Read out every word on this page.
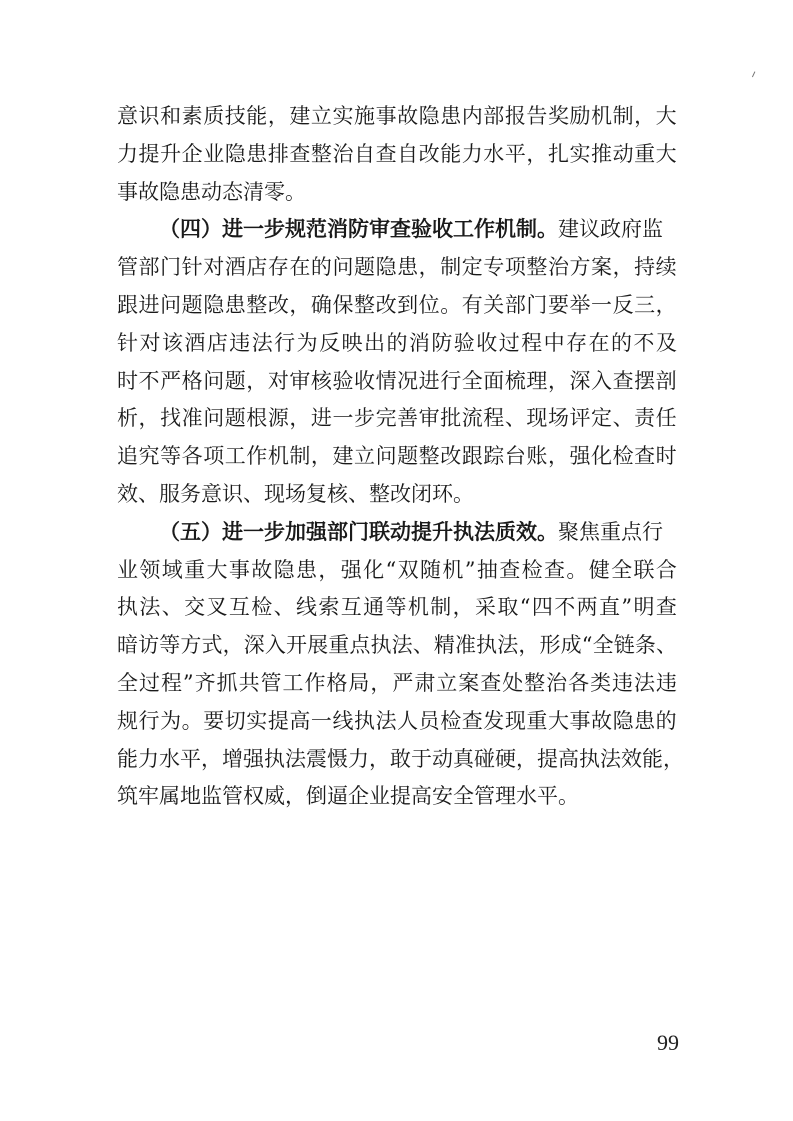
意 识 和 素 质 技 能 ， 建 立 实 施 事 故 隐 患 内 部 报 告 奖 励 机 制 ， 大
力 提 升 企 业 隐 患 排 查 整 治 自 查 自 改 能 力 水 平 ， 扎 实 推 动 重 大
事故隐患动态清零。
（四）进一步规范消防审查验收工作机制。建议政府监
管 部 门 针 对 酒 店 存 在 的 问 题 隐 患 ， 制 定 专 项 整 治 方 案 ， 持 续
跟 进 问 题 隐 患 整 改 ， 确 保 整 改 到 位 。 有 关 部 门 要 举 一 反 三 ，
针 对 该 酒 店 违 法 行 为 反 映 出 的 消 防 验 收 过 程 中 存 在 的 不 及
时 不 严 格 问 题 ， 对 审 核 验 收 情 况 进 行 全 面 梳 理 ， 深 入 查 摆 剖
析 ， 找 准 问 题 根 源 ， 进 一 步 完 善 审 批 流 程 、 现 场 评 定 、 责 任
追 究 等 各 项 工 作 机 制 ， 建 立 问 题 整 改 跟 踪 台 账 ， 强 化 检 查 时
效、服务意识、现场复核、整改闭环。
（五）进一步加强部门联动提升执法质效。聚焦重点行
业 领 域 重 大 事 故 隐 患 ， 强 化 “ 双 随 机 ” 抽 查 检 查 。 健 全 联 合
执 法 、 交 叉 互 检 、 线 索 互 通 等 机 制 ， 采 取 “ 四 不 两 直 ” 明 查
暗 访 等 方 式 ， 深 入 开 展 重 点 执 法 、 精 准 执 法 ， 形 成 “ 全 链 条 、
全 过 程 ” 齐 抓 共 管 工 作 格 局 ， 严 肃 立 案 查 处 整 治 各 类 违 法 违
规 行 为 。 要 切 实 提 高 一 线 执 法 人 员 检 查 发 现 重 大 事 故 隐 患 的
能 力 水 平 ， 增 强 执 法 震 慑 力 ， 敢 于 动 真 碰 硬 ， 提 高 执 法 效 能 ，
筑牢属地监管权威，倒逼企业提高安全管理水平。
99
